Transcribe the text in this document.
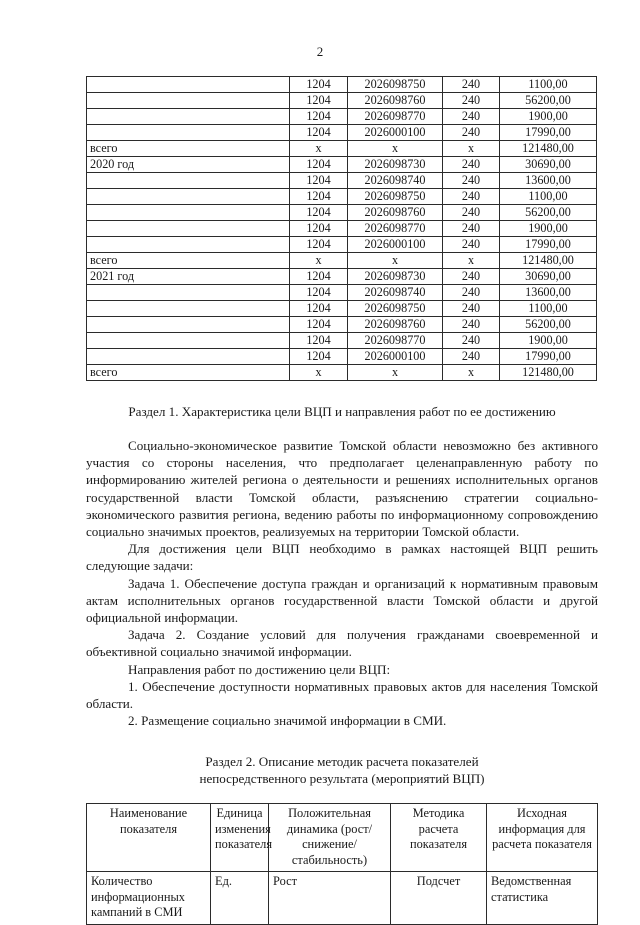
2
	1204	2026098750	240	1100,00
	1204	2026098760	240	56200,00
	1204	2026098770	240	1900,00
	1204	2026000100	240	17990,00
всего	x	x	x	121480,00
2020 год	1204	2026098730	240	30690,00
	1204	2026098740	240	13600,00
	1204	2026098750	240	1100,00
	1204	2026098760	240	56200,00
	1204	2026098770	240	1900,00
	1204	2026000100	240	17990,00
всего	x	x	x	121480,00
2021 год	1204	2026098730	240	30690,00
	1204	2026098740	240	13600,00
	1204	2026098750	240	1100,00
	1204	2026098760	240	56200,00
	1204	2026098770	240	1900,00
	1204	2026000100	240	17990,00
всего	x	x	x	121480,00
Раздел 1. Характеристика цели ВЦП и направления работ по ее достижению

Социально-экономическое развитие Томской области невозможно без активного участия со стороны населения, что предполагает целенаправленную работу по информированию жителей региона о деятельности и решениях исполнительных органов государственной власти Томской области, разъяснению стратегии социально-экономического развития региона, ведению работы по информационному сопровождению социально значимых проектов, реализуемых на территории Томской области.

Для достижения цели ВЦП необходимо в рамках настоящей ВЦП решить следующие задачи:

Задача 1. Обеспечение доступа граждан и организаций к нормативным правовым актам исполнительных органов государственной власти Томской области и другой официальной информации.

Задача 2. Создание условий для получения гражданами своевременной и объективной социально значимой информации.

Направления работ по достижению цели ВЦП:

1. Обеспечение доступности нормативных правовых актов для населения Томской области.

2. Размещение социально значимой информации в СМИ.

Раздел 2. Описание методик расчета показателей
непосредственного результата (мероприятий ВЦП)
Наименование показателя	Единица изменения показателя	Положительная динамика (рост/снижение/ стабильность)	Методика расчета показателя	Исходная информация для расчета показателя
Количество информационных кампаний в СМИ	Ед.	Рост	Подсчет	Ведомственная статистика
